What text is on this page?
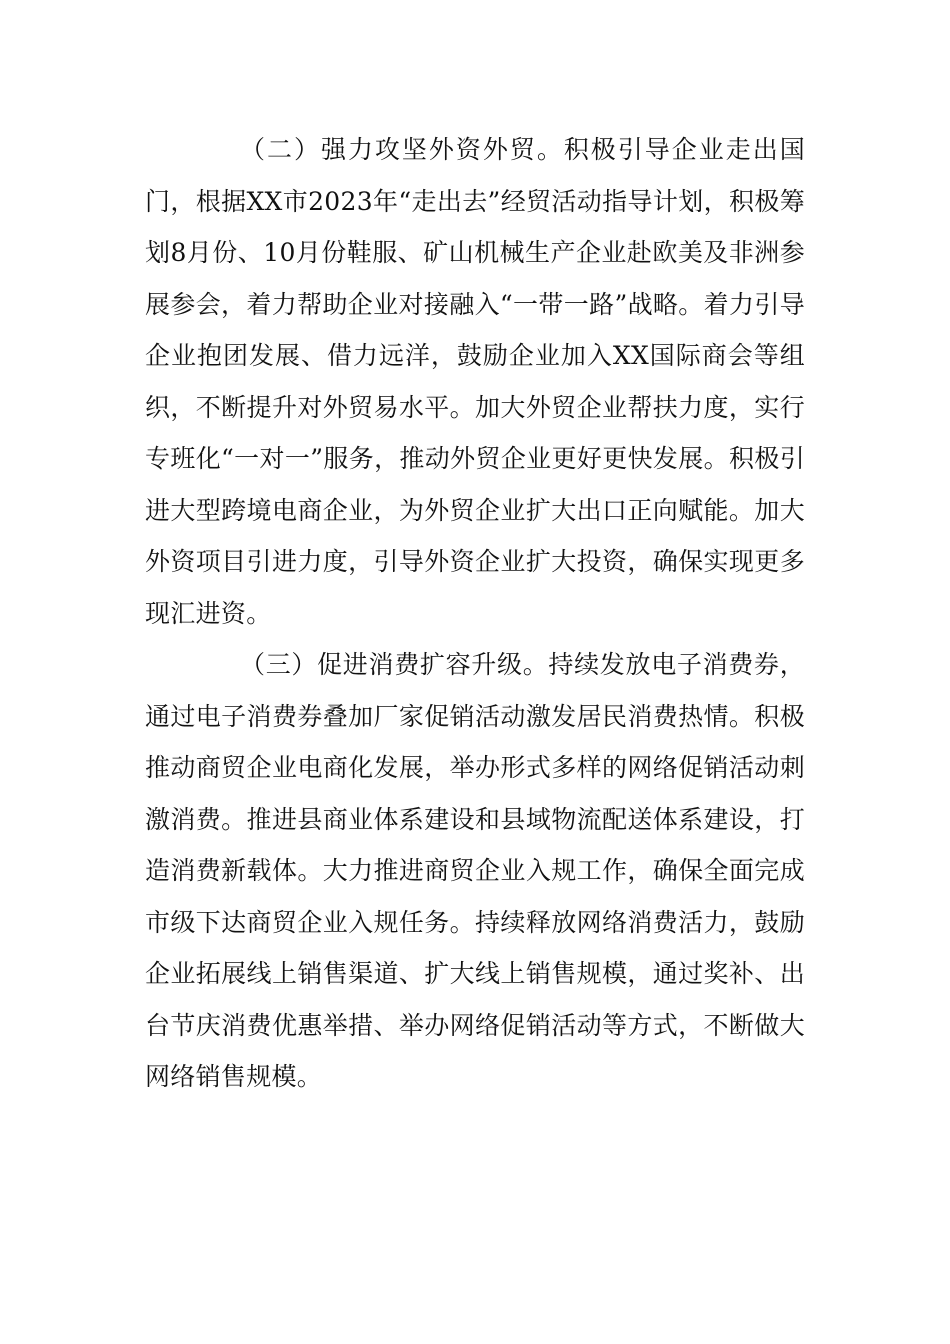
（二）强力攻坚外资外贸。积极引导企业走出国门，根据XX市2023年“走出去”经贸活动指导计划，积极筹划8月份、10月份鞋服、矿山机械生产企业赴欧美及非洲参展参会，着力帮助企业对接融入“一带一路”战略。着力引导企业抱团发展、借力远洋，鼓励企业加入XX国际商会等组织，不断提升对外贸易水平。加大外贸企业帮扶力度，实行专班化“一对一”服务，推动外贸企业更好更快发展。积极引进大型跨境电商企业，为外贸企业扩大出口正向赋能。加大外资项目引进力度，引导外资企业扩大投资，确保实现更多现汇进资。

（三）促进消费扩容升级。持续发放电子消费券，通过电子消费券叠加厂家促销活动激发居民消费热情。积极推动商贸企业电商化发展，举办形式多样的网络促销活动刺激消费。推进县商业体系建设和县域物流配送体系建设，打造消费新载体。大力推进商贸企业入规工作，确保全面完成市级下达商贸企业入规任务。持续释放网络消费活力，鼓励企业拓展线上销售渠道、扩大线上销售规模，通过奖补、出台节庆消费优惠举措、举办网络促销活动等方式，不断做大网络销售规模。
